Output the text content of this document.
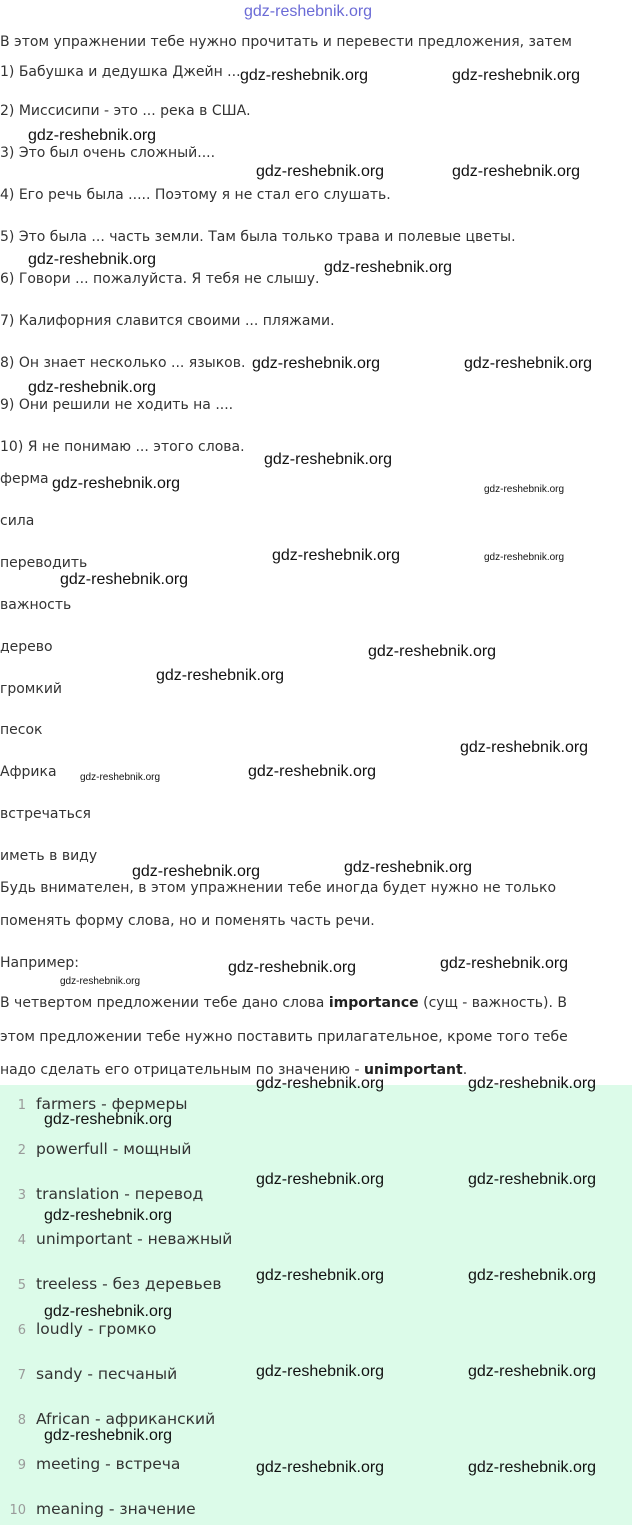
gdz-reshebnik.org
В этом упражнении тебе нужно прочитать и перевести предложения, затем
1) Бабушка и дедушка Джейн ...
2) Миссисипи - это ... река в США.
3) Это был очень сложный....
4) Его речь была ..... Поэтому я не стал его слушать.
5) Это была ... часть земли. Там была только трава и полевые цветы.
6) Говори ... пожалуйста. Я тебя не слышу.
7) Калифорния славится своими ... пляжами.
8) Он знает несколько ... языков.
9) Они решили не ходить на ....
10) Я не понимаю ... этого слова.
ферма
сила
переводить
важность
дерево
громкий
песок
Африка
встречаться
иметь в виду
Будь внимателен, в этом упражнении тебе иногда будет нужно не только
поменять форму слова, но и поменять часть речи.
Например:
В четвертом предложении тебе дано слова importance (сущ - важность). В
этом предложении тебе нужно поставить прилагательное, кроме того тебе
надо сделать его отрицательным по значению - unimportant.
1 farmers - фермеры
2 powerfull - мощный
3 translation - перевод
4 unimportant - неважный
5 treeless - без деревьев
6 loudly - громко
7 sandy - песчаный
8 African - африканский
9 meeting - встреча
10 meaning - значение
gdz-reshebnik.org	gdz-reshebnik.org
gdz-reshebnik.org
gdz-reshebnik.org	gdz-reshebnik.org
gdz-reshebnik.org	gdz-reshebnik.org
gdz-reshebnik.org	gdz-reshebnik.org
gdz-reshebnik.org
gdz-reshebnik.org
gdz-reshebnik.org	gdz-reshebnik.org
gdz-reshebnik.org	gdz-reshebnik.org
gdz-reshebnik.org
gdz-reshebnik.org
gdz-reshebnik.org
gdz-reshebnik.org
gdz-reshebnik.org	gdz-reshebnik.org
gdz-reshebnik.org
gdz-reshebnik.org
gdz-reshebnik.org
gdz-reshebnik.org
gdz-reshebnik.org
gdz-reshebnik.org	gdz-reshebnik.org
gdz-reshebnik.org
gdz-reshebnik.org	gdz-reshebnik.org
gdz-reshebnik.org
gdz-reshebnik.org	gdz-reshebnik.org
gdz-reshebnik.org
gdz-reshebnik.org	gdz-reshebnik.org
gdz-reshebnik.org
gdz-reshebnik.org	gdz-reshebnik.org
